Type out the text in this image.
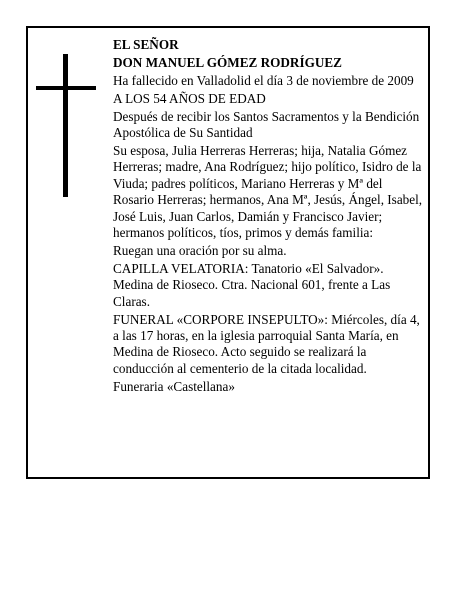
EL SEÑOR

DON MANUEL GÓMEZ RODRÍGUEZ

Ha fallecido en Valladolid el día 3 de noviembre de 2009

A LOS 54 AÑOS DE EDAD

Después de recibir los Santos Sacramentos y la Bendición Apostólica de Su Santidad

Su esposa, Julia Herreras Herreras; hija, Natalia Gómez Herreras; madre, Ana Rodríguez; hijo político, Isidro de la Viuda; padres políticos, Mariano Herreras y Mª del Rosario Herreras; hermanos, Ana Mª, Jesús, Ángel, Isabel, José Luis, Juan Carlos, Damián y Francisco Javier; hermanos políticos, tíos, primos y demás familia:

Ruegan una oración por su alma.

CAPILLA VELATORIA: Tanatorio «El Salvador». Medina de Rioseco. Ctra. Nacional 601, frente a Las Claras.

FUNERAL «CORPORE INSEPULTO»: Miércoles, día 4, a las 17 horas, en la iglesia parroquial Santa María, en Medina de Rioseco. Acto seguido se realizará la conducción al cementerio de la citada localidad.

Funeraria «Castellana»
